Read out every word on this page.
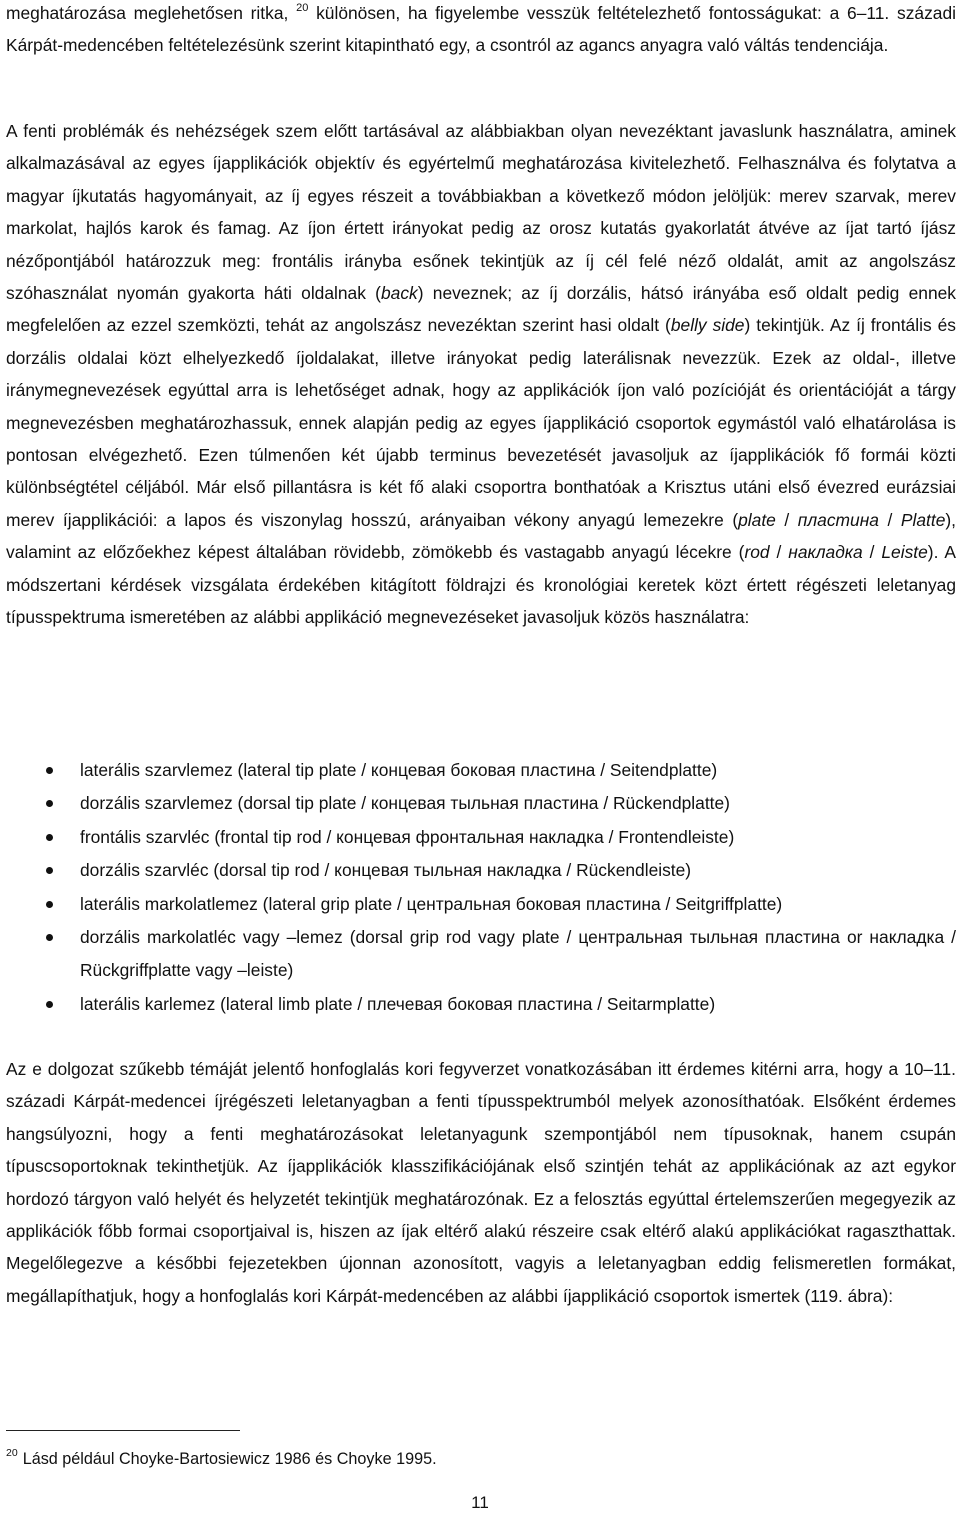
meghatározása meglehetősen ritka, $^{20}$ különösen, ha figyelembe vesszük feltételezhető fontosságukat: a 6–11. századi Kárpát-medencében feltételezésünk szerint kitapintható egy, a csontról az agancs anyagra való váltás tendenciája.

A fenti problémák és nehézségek szem előtt tartásával az alábbiakban olyan nevezéktant javaslunk használatra, aminek alkalmazásával az egyes íjapplikációk objektív és egyértelmű meghatározása kivitelezhető. Felhasználva és folytatva a magyar íjkutatás hagyományait, az íj egyes részeit a továbbiakban a következő módon jelöljük: merev szarvak, merev markolat, hajlós karok és famag. Az íjon értett irányokat pedig az orosz kutatás gyakorlatát átvéve az íjat tartó íjász nézőpontjából határozzuk meg: frontális irányba esőnek tekintjük az íj cél felé néző oldalát, amit az angolszász szóhasználat nyomán gyakorta háti oldalnak (back) neveznek; az íj dorzális, hátsó irányába eső oldalt pedig ennek megfelelően az ezzel szemközti, tehát az angolszász nevezéktan szerint hasi oldalt (belly side) tekintjük. Az íj frontális és dorzális oldalai közt elhelyezkedő íjoldalakat, illetve irányokat pedig laterálisnak nevezzük. Ezek az oldal-, illetve iránymegnevezések egyúttal arra is lehetőséget adnak, hogy az applikációk íjon való pozícióját és orientációját a tárgy megnevezésben meghatározhassuk, ennek alapján pedig az egyes íjapplikáció csoportok egymástól való elhatárolása is pontosan elvégezhető. Ezen túlmenően két újabb terminus bevezetését javasoljuk az íjapplikációk fő formái közti különbségtétel céljából. Már első pillantásra is két fő alaki csoportra bonthatóak a Krisztus utáni első évezred eurázsiai merev íjapplikációi: a lapos és viszonylag hosszú, arányaiban vékony anyagú lemezekre (plate / пластина / Platte), valamint az előzőekhez képest általában rövidebb, zömökebb és vastagabb anyagú lécekre (rod / накладка / Leiste). A módszertani kérdések vizsgálata érdekében kitágított földrajzi és kronológiai keretek közt értett régészeti leletanyag típusspektruma ismeretében az alábbi applikáció megnevezéseket javasoljuk közös használatra:

laterális szarvlemez (lateral tip plate / концевая боковая пластина / Seitendplatte)
dorzális szarvlemez (dorsal tip plate / концевая тыльная пластина / Rückendplatte)
frontális szarvléc (frontal tip rod / концевая фронтальная накладка / Frontendleiste)
dorzális szarvléc (dorsal tip rod / концевая тыльная накладка / Rückendleiste)
laterális markolatlemez (lateral grip plate / центральная боковая пластина / Seitgriffplatte)
dorzális markolatléc vagy –lemez (dorsal grip rod vagy plate / центральная тыльная пластина or накладка / Rückgriffplatte vagy –leiste)
laterális karlemez (lateral limb plate / плечевая боковая пластина / Seitarmplatte)

Az e dolgozat szűkebb témáját jelentő honfoglalás kori fegyverzet vonatkozásában itt érdemes kitérni arra, hogy a 10–11. századi Kárpát-medencei íjrégészeti leletanyagban a fenti típusspektrumból melyek azonosíthatóak. Elsőként érdemes hangsúlyozni, hogy a fenti meghatározásokat leletanyagunk szempontjából nem típusoknak, hanem csupán típuscsoportoknak tekinthetjük. Az íjapplikációk klasszifikációjának első szintjén tehát az applikációnak az azt egykor hordozó tárgyon való helyét és helyzetét tekintjük meghatározónak. Ez a felosztás egyúttal értelemszerűen megegyezik az applikációk főbb formai csoportjaival is, hiszen az íjak eltérő alakú részeire csak eltérő alakú applikációkat ragaszthattak. Megelőlegezve a későbbi fejezetekben újonnan azonosított, vagyis a leletanyagban eddig felismeretlen formákat, megállapíthatjuk, hogy a honfoglalás kori Kárpát-medencében az alábbi íjapplikáció csoportok ismertek (119. ábra):

$^{20}$ Lásd például Choyke-Bartosiewicz 1986 és Choyke 1995.
11
